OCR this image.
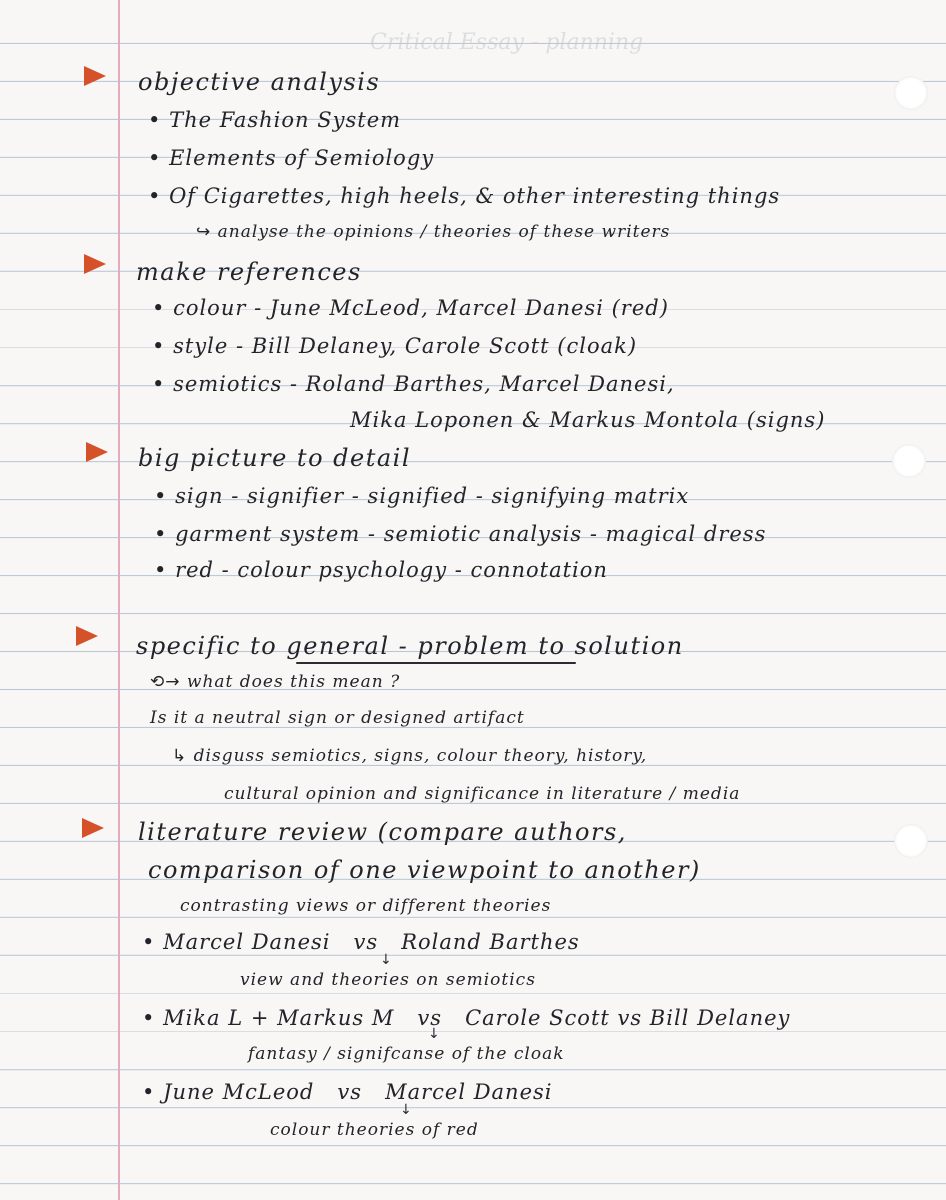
Critical Essay - planning
objective analysis
• The Fashion System
• Elements of Semiology
• Of Cigarettes, high heels, & other interesting things
↪ analyse the opinions / theories of these writers
make references
• colour - June McLeod, Marcel Danesi (red)
• style - Bill Delaney, Carole Scott (cloak)
• semiotics - Roland Barthes, Marcel Danesi,
Mika Loponen & Markus Montola (signs)
big picture to detail
• sign - signifier - signified - signifying matrix
• garment system - semiotic analysis - magical dress
• red - colour psychology - connotation
specific to general - problem to solution
⟲→ what does this mean ?
Is it a neutral sign or designed artifact
↳ disguss semiotics, signs, colour theory, history,
cultural opinion and significance in literature / media
literature review (compare authors,
comparison of one viewpoint to another)
contrasting views or different theories
• Marcel Danesi vs Roland Barthes
↓
view and theories on semiotics
• Mika L + Markus M vs Carole Scott vs Bill Delaney
↓
fantasy / signifcanse of the cloak
• June McLeod vs Marcel Danesi
↓
colour theories of red
